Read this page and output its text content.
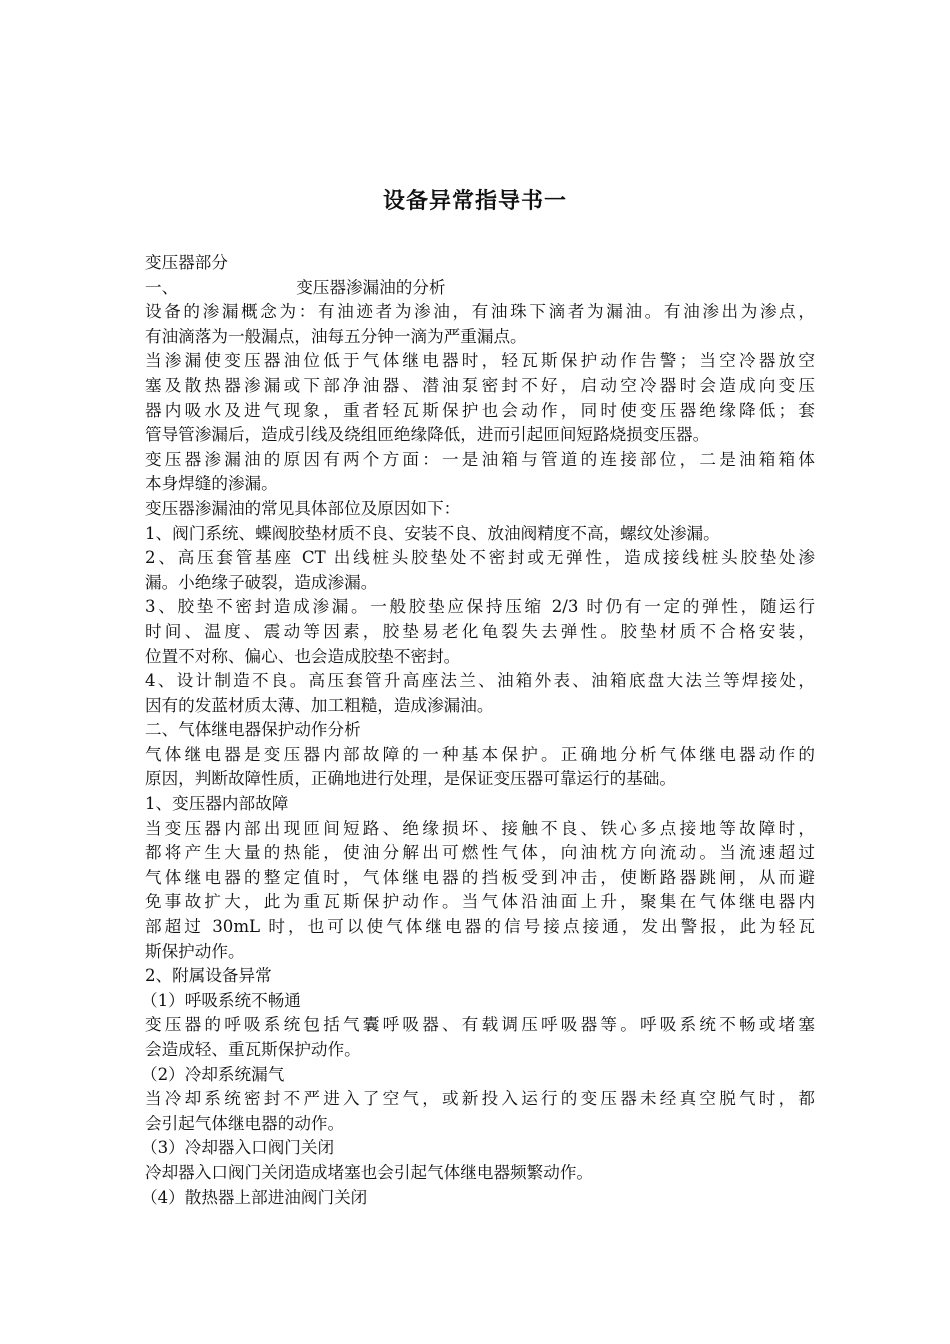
设备异常指导书一

变压器部分

一、	变压器渗漏油的分析

设备的渗漏概念为：有油迹者为渗油，有油珠下滴者为漏油。有油渗出为渗点，

有油滴落为一般漏点，油每五分钟一滴为严重漏点。

当渗漏使变压器油位低于气体继电器时，轻瓦斯保护动作告警；当空冷器放空

塞及散热器渗漏或下部净油器、潜油泵密封不好，启动空冷器时会造成向变压

器内吸水及进气现象，重者轻瓦斯保护也会动作，同时使变压器绝缘降低；套

管导管渗漏后，造成引线及绕组匝绝缘降低，进而引起匝间短路烧损变压器。

变压器渗漏油的原因有两个方面：一是油箱与管道的连接部位，二是油箱箱体

本身焊缝的渗漏。

变压器渗漏油的常见具体部位及原因如下：

1、阀门系统、蝶阀胶垫材质不良、安装不良、放油阀精度不高，螺纹处渗漏。

2、高压套管基座 CT 出线桩头胶垫处不密封或无弹性，造成接线桩头胶垫处渗

漏。小绝缘子破裂，造成渗漏。

3、胶垫不密封造成渗漏。一般胶垫应保持压缩 2/3 时仍有一定的弹性，随运行

时间、温度、震动等因素，胶垫易老化龟裂失去弹性。胶垫材质不合格安装，

位置不对称、偏心、也会造成胶垫不密封。

4、设计制造不良。高压套管升高座法兰、油箱外表、油箱底盘大法兰等焊接处，

因有的发蓝材质太薄、加工粗糙，造成渗漏油。

二、气体继电器保护动作分析

气体继电器是变压器内部故障的一种基本保护。正确地分析气体继电器动作的

原因，判断故障性质，正确地进行处理，是保证变压器可靠运行的基础。

1、变压器内部故障

当变压器内部出现匝间短路、绝缘损坏、接触不良、铁心多点接地等故障时，

都将产生大量的热能，使油分解出可燃性气体，向油枕方向流动。当流速超过

气体继电器的整定值时，气体继电器的挡板受到冲击，使断路器跳闸，从而避

免事故扩大，此为重瓦斯保护动作。当气体沿油面上升，聚集在气体继电器内

部超过 30mL 时，也可以使气体继电器的信号接点接通，发出警报，此为轻瓦

斯保护动作。

2、附属设备异常

（1）呼吸系统不畅通

变压器的呼吸系统包括气囊呼吸器、有载调压呼吸器等。呼吸系统不畅或堵塞

会造成轻、重瓦斯保护动作。

（2）冷却系统漏气

当冷却系统密封不严进入了空气，或新投入运行的变压器未经真空脱气时，都

会引起气体继电器的动作。

（3）冷却器入口阀门关闭

冷却器入口阀门关闭造成堵塞也会引起气体继电器频繁动作。

（4）散热器上部进油阀门关闭
